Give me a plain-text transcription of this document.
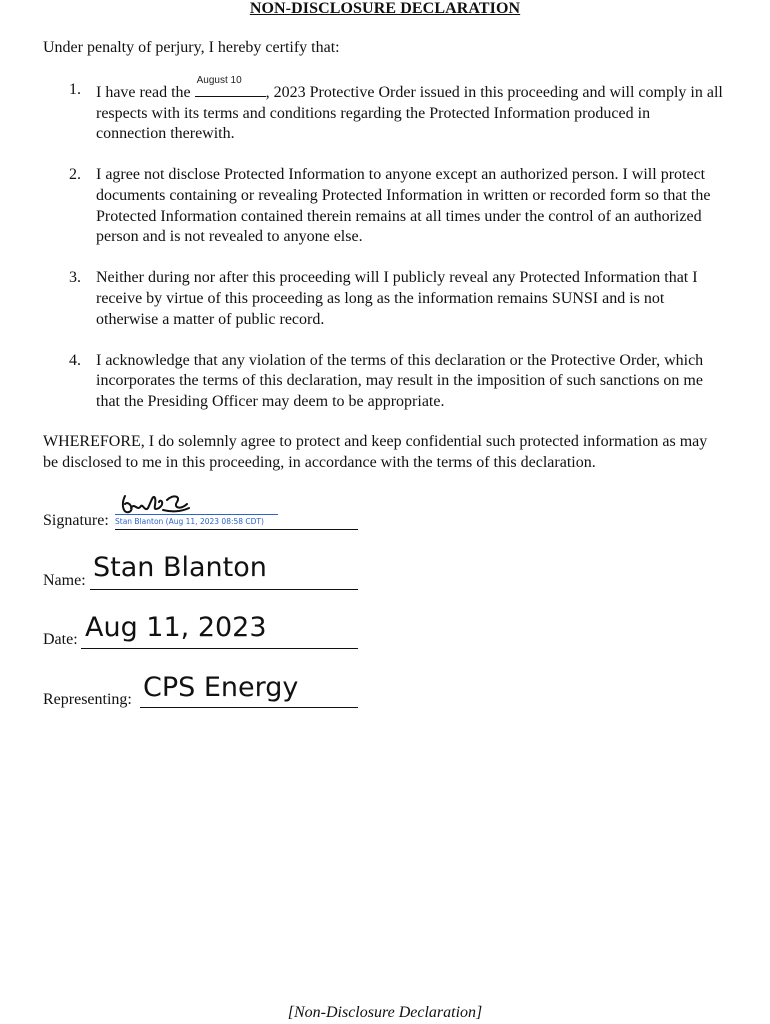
NON-DISCLOSURE DECLARATION
Under penalty of perjury, I hereby certify that:
1. I have read the
August 10
, 2023 Protective Order issued in this proceeding and will comply in all respects with its terms and conditions regarding the Protected Information produced in connection therewith.
2. I agree not disclose Protected Information to anyone except an authorized person. I will protect documents containing or revealing Protected Information in written or recorded form so that the Protected Information contained therein remains at all times under the control of an authorized person and is not revealed to anyone else.
3. Neither during nor after this proceeding will I publicly reveal any Protected Information that I receive by virtue of this proceeding as long as the information remains SUNSI and is not otherwise a matter of public record.
4. I acknowledge that any violation of the terms of this declaration or the Protective Order, which incorporates the terms of this declaration, may result in the imposition of such sanctions on me that the Presiding Officer may deem to be appropriate.
WHEREFORE, I do solemnly agree to protect and keep confidential such protected information as may be disclosed to me in this proceeding, in accordance with the terms of this declaration.
Signature: Stan Blanton (Aug 11, 2023 08:58 CDT)
Name: Stan Blanton
Date: Aug 11, 2023
Representing: CPS Energy
[Non-Disclosure Declaration]
